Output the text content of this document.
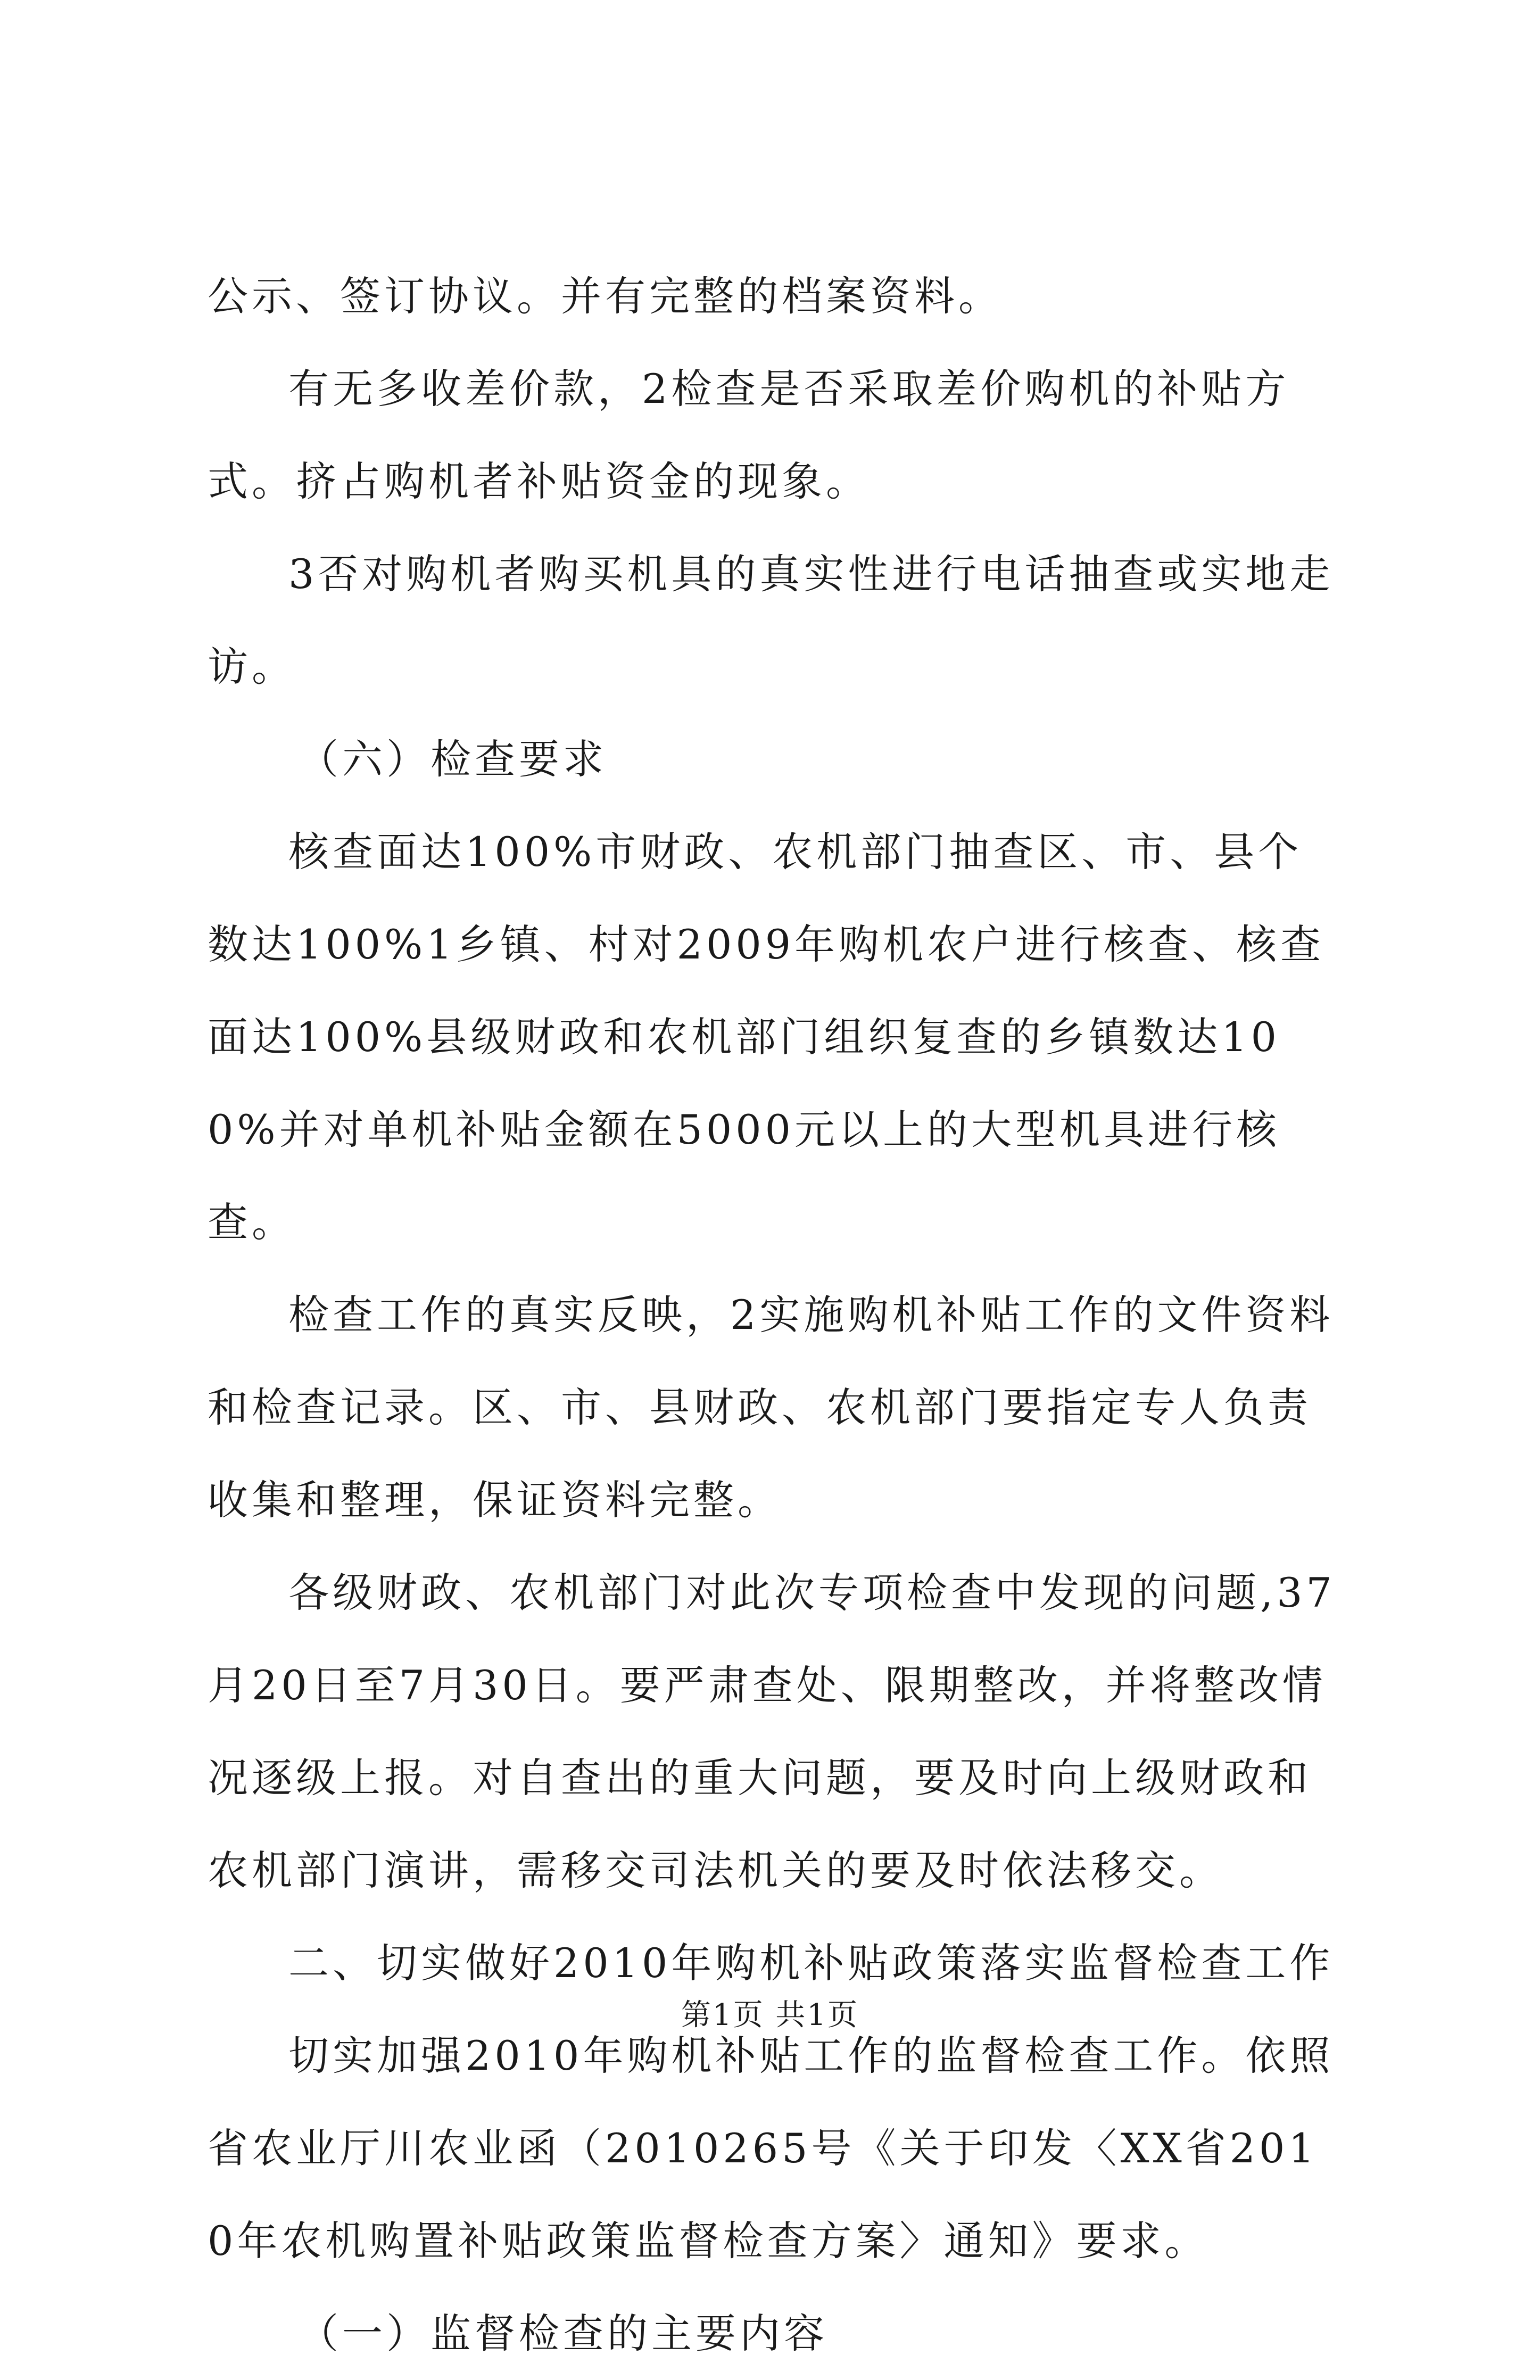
公示、签订协议。并有完整的档案资料。

有无多收差价款，2检查是否采取差价购机的补贴方式。挤占购机者补贴资金的现象。

3否对购机者购买机具的真实性进行电话抽查或实地走访。

（六）检查要求

核查面达100%市财政、农机部门抽查区、市、县个数达100%1乡镇、村对2009年购机农户进行核查、核查面达100%县级财政和农机部门组织复查的乡镇数达100%并对单机补贴金额在5000元以上的大型机具进行核查。

检查工作的真实反映，2实施购机补贴工作的文件资料和检查记录。区、市、县财政、农机部门要指定专人负责收集和整理，保证资料完整。

各级财政、农机部门对此次专项检查中发现的问题,37月20日至7月30日。要严肃查处、限期整改，并将整改情况逐级上报。对自查出的重大问题，要及时向上级财政和农机部门演讲，需移交司法机关的要及时依法移交。

二、切实做好2010年购机补贴政策落实监督检查工作

切实加强2010年购机补贴工作的监督检查工作。依照省农业厅川农业函（2010265号《关于印发〈XX省2010年农机购置补贴政策监督检查方案〉通知》要求。

（一）监督检查的主要内容

第1页 共1页
